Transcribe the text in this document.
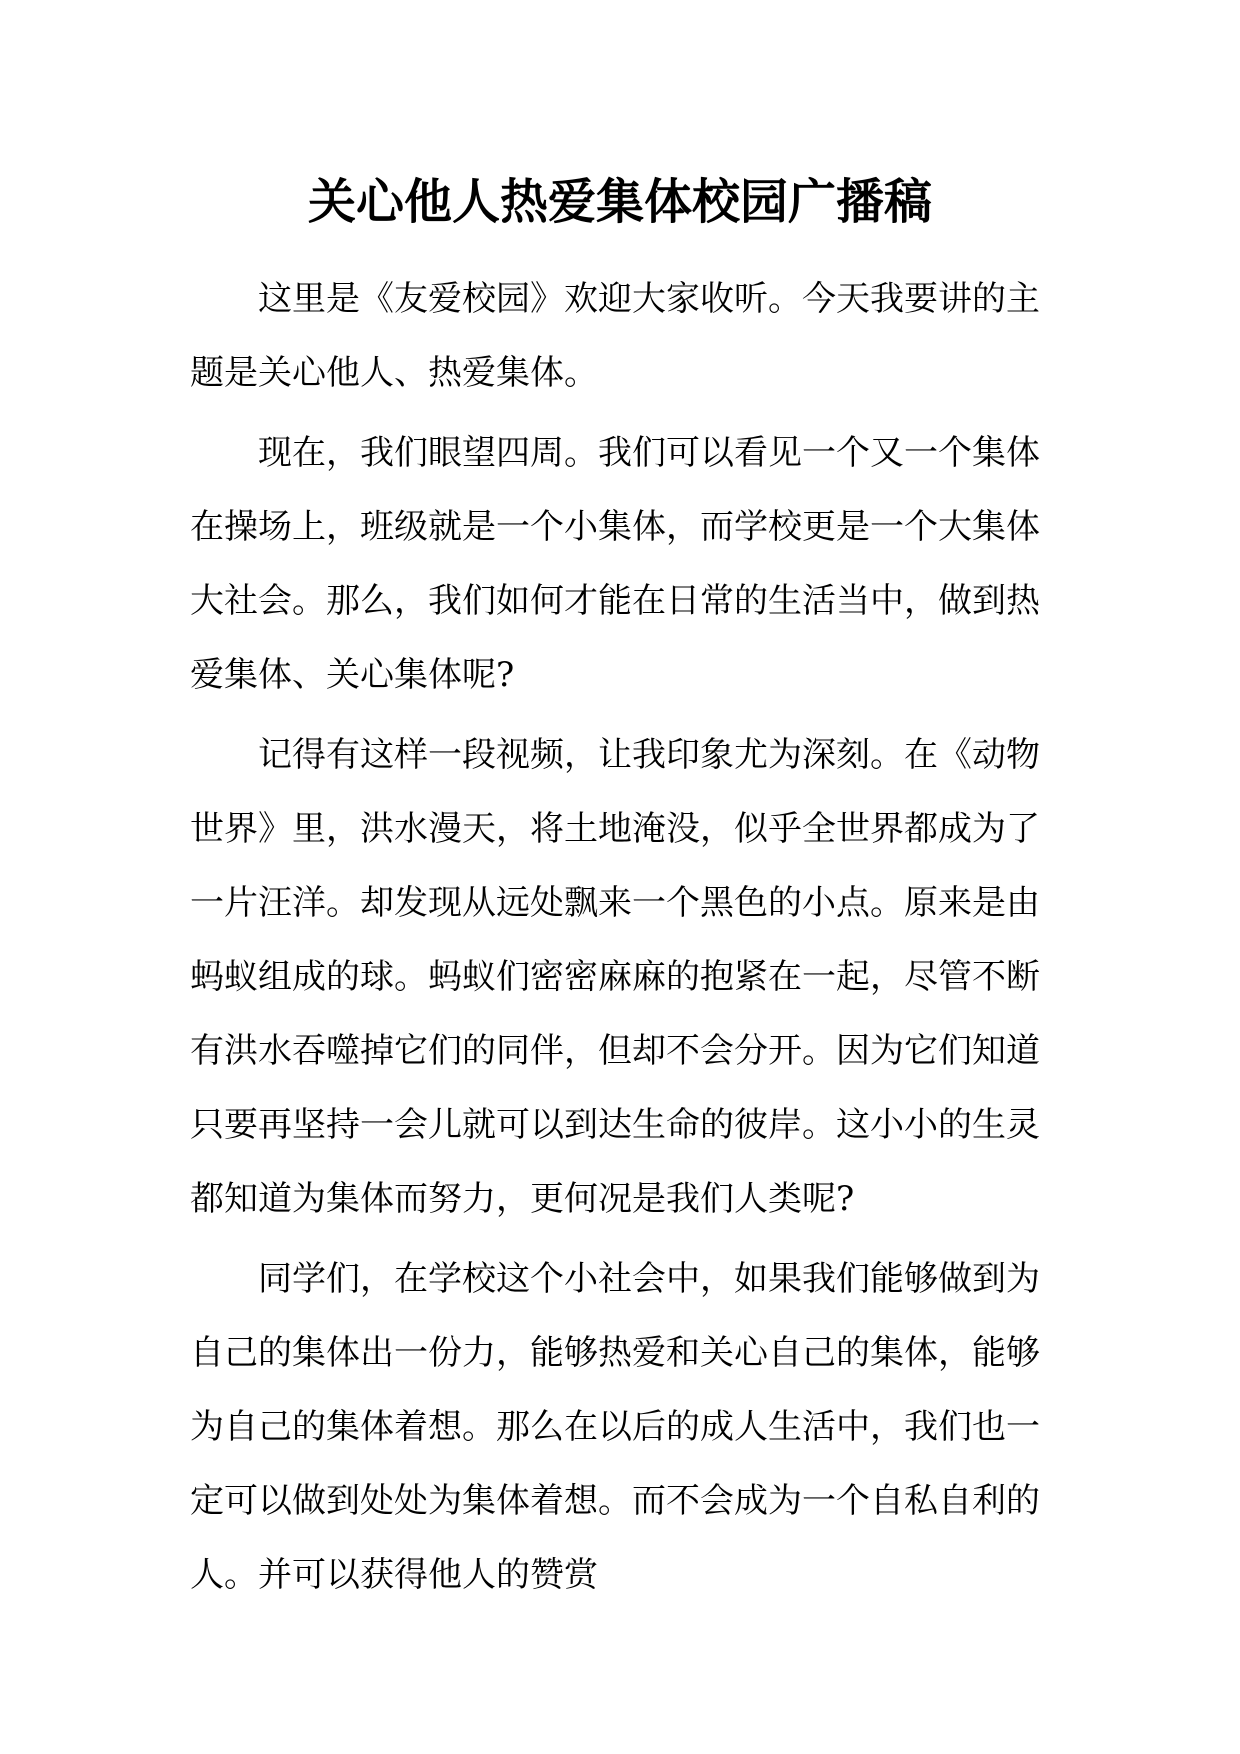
关心他人热爱集体校园广播稿
这里是《友爱校园》欢迎大家收听。今天我要讲的主
题是关心他人、热爱集体。
现在，我们眼望四周。我们可以看见一个又一个集体
在操场上，班级就是一个小集体，而学校更是一个大集体
大社会。那么，我们如何才能在日常的生活当中，做到热
爱集体、关心集体呢?
记得有这样一段视频，让我印象尤为深刻。在《动物
世界》里，洪水漫天，将土地淹没，似乎全世界都成为了
一片汪洋。却发现从远处飘来一个黑色的小点。原来是由
蚂蚁组成的球。蚂蚁们密密麻麻的抱紧在一起，尽管不断
有洪水吞噬掉它们的同伴，但却不会分开。因为它们知道
只要再坚持一会儿就可以到达生命的彼岸。这小小的生灵
都知道为集体而努力，更何况是我们人类呢?
同学们，在学校这个小社会中，如果我们能够做到为
自己的集体出一份力，能够热爱和关心自己的集体，能够
为自己的集体着想。那么在以后的成人生活中，我们也一
定可以做到处处为集体着想。而不会成为一个自私自利的
人。并可以获得他人的赞赏
